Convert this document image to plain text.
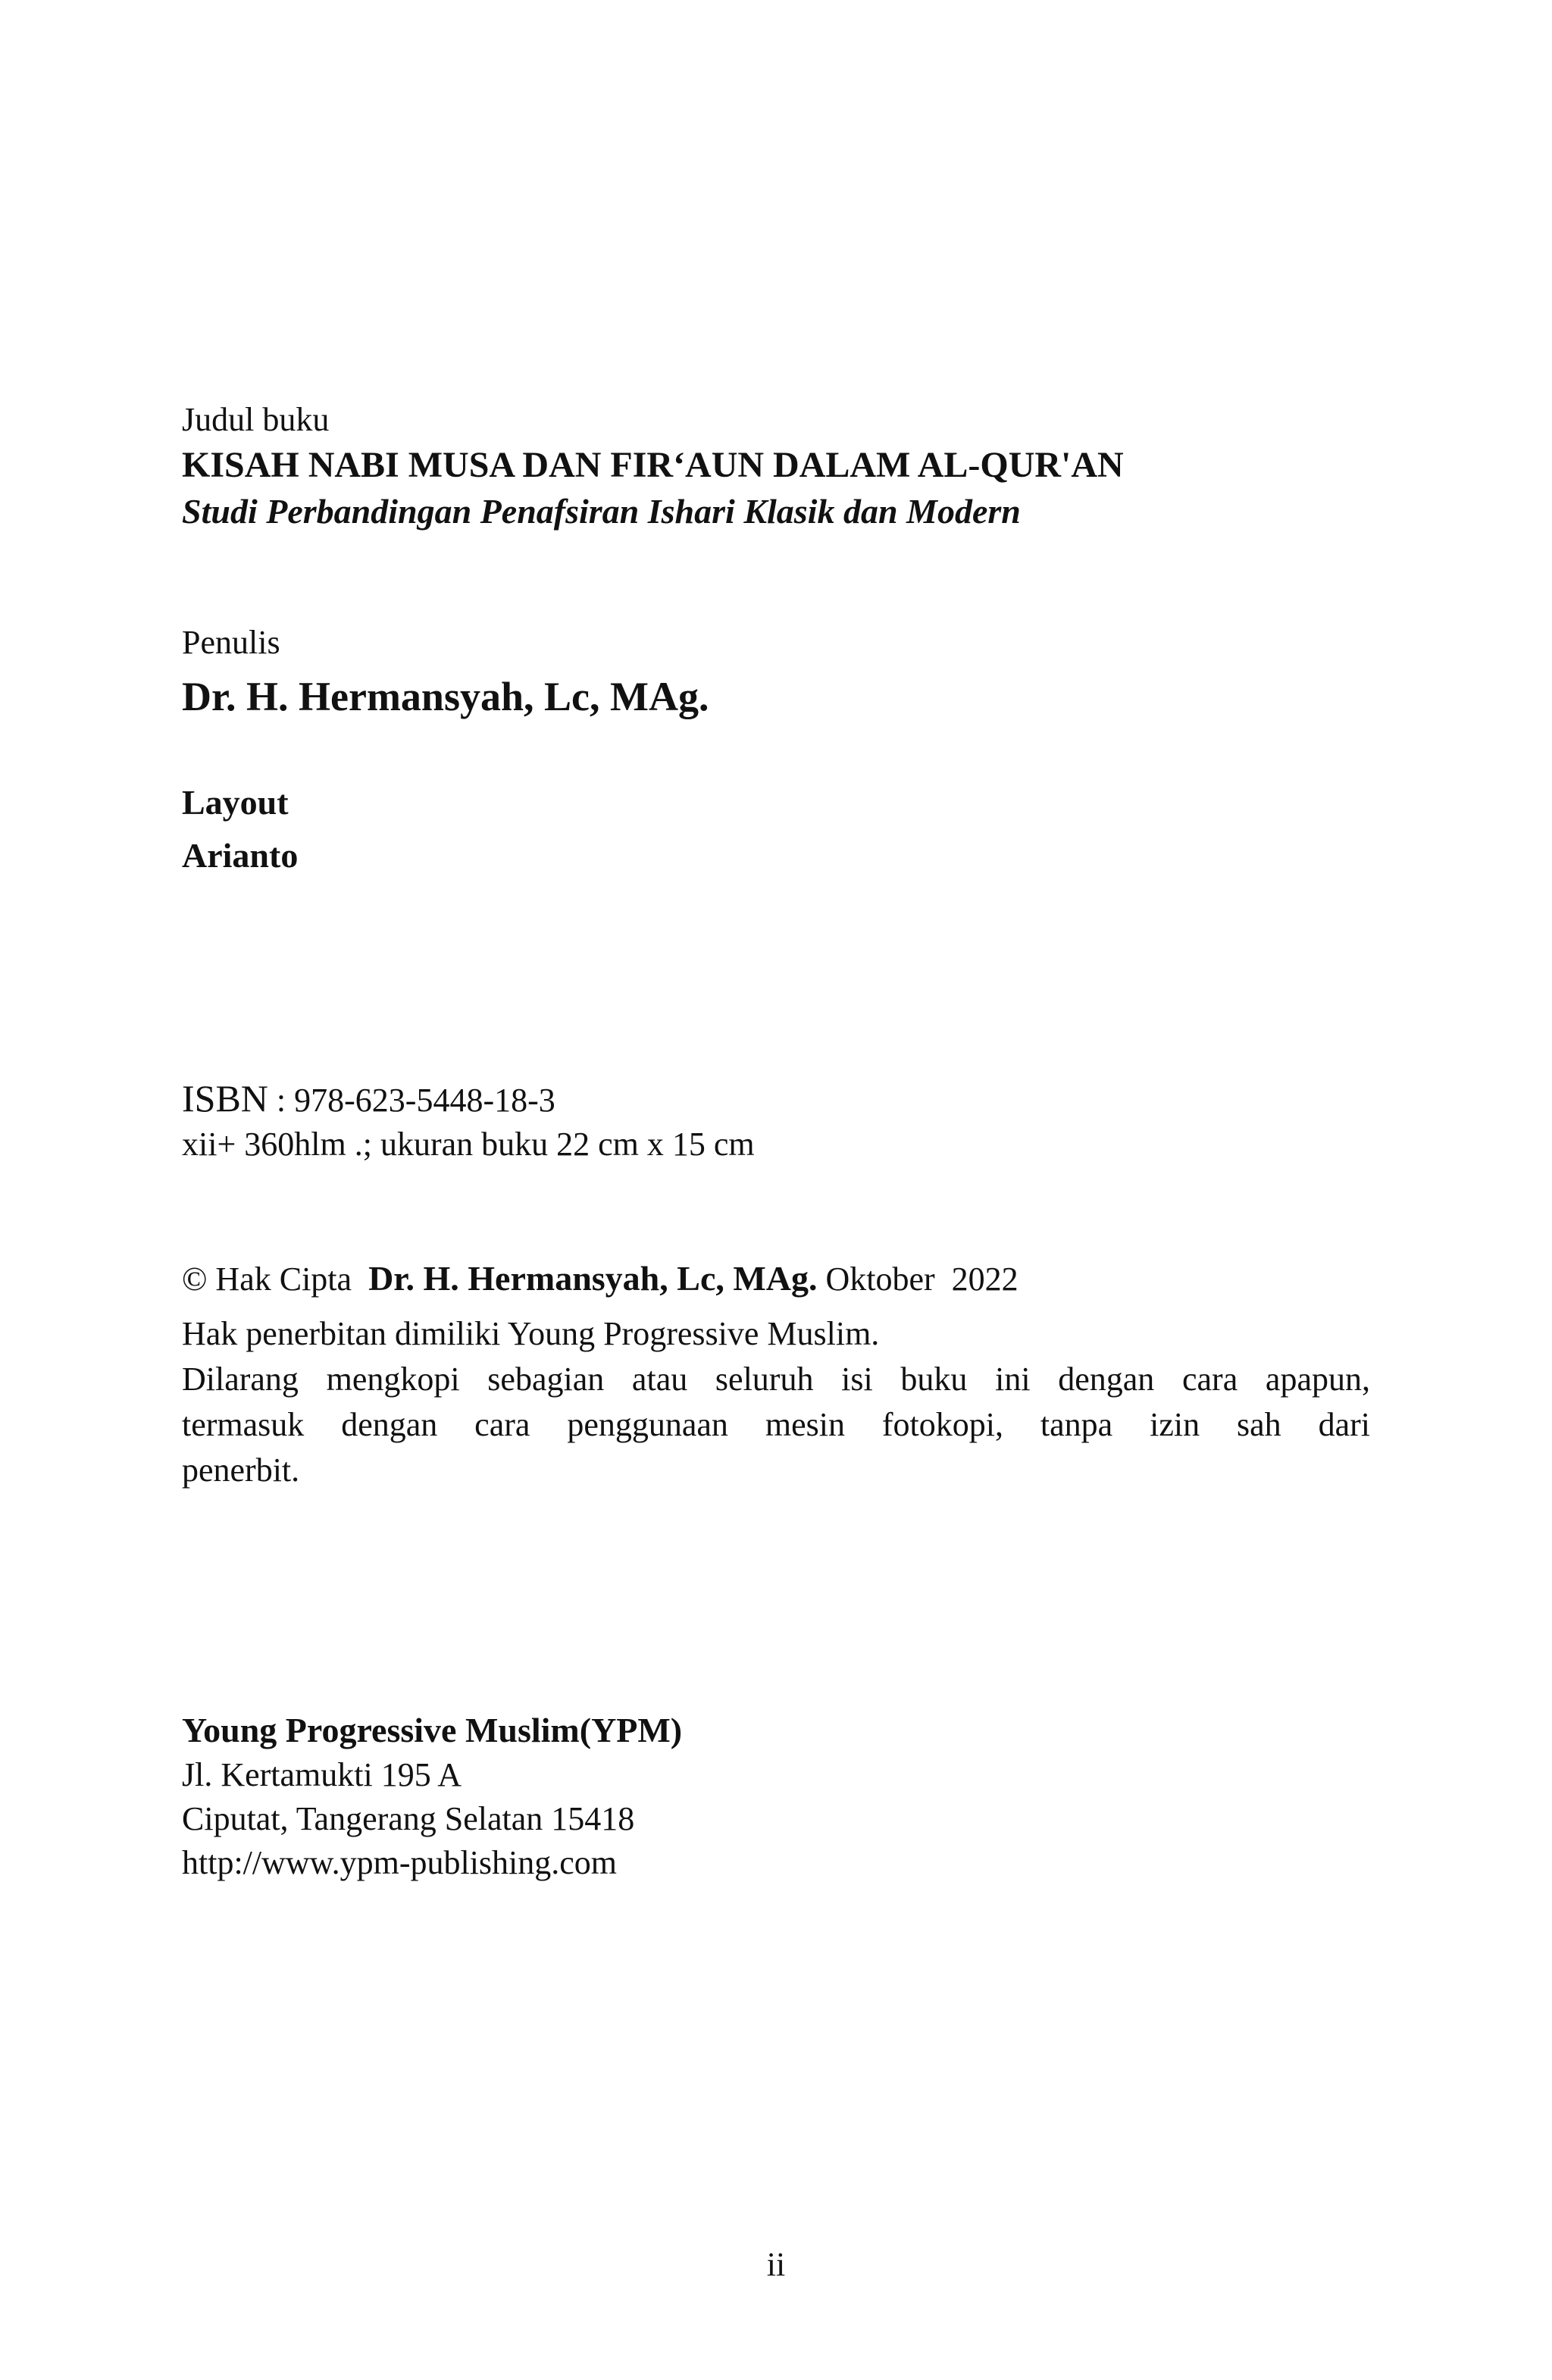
Judul buku
KISAH NABI MUSA DAN FIR‘AUN DALAM AL-QUR'AN
Studi Perbandingan Penafsiran Ishari Klasik dan Modern
Penulis
Dr. H. Hermansyah, Lc, MAg.
Layout
Arianto
ISBN : 978-623-5448-18-3
xii+ 360hlm .; ukuran buku 22 cm x 15 cm
© Hak Cipta Dr. H. Hermansyah, Lc, MAg. Oktober  2022
Hak penerbitan dimiliki Young Progressive Muslim.
Dilarang mengkopi sebagian atau seluruh isi buku ini dengan cara apapun,
termasuk dengan cara penggunaan mesin fotokopi, tanpa izin sah dari
penerbit.
Young Progressive Muslim(YPM)
Jl. Kertamukti 195 A
Ciputat, Tangerang Selatan 15418
http://www.ypm-publishing.com
ii
